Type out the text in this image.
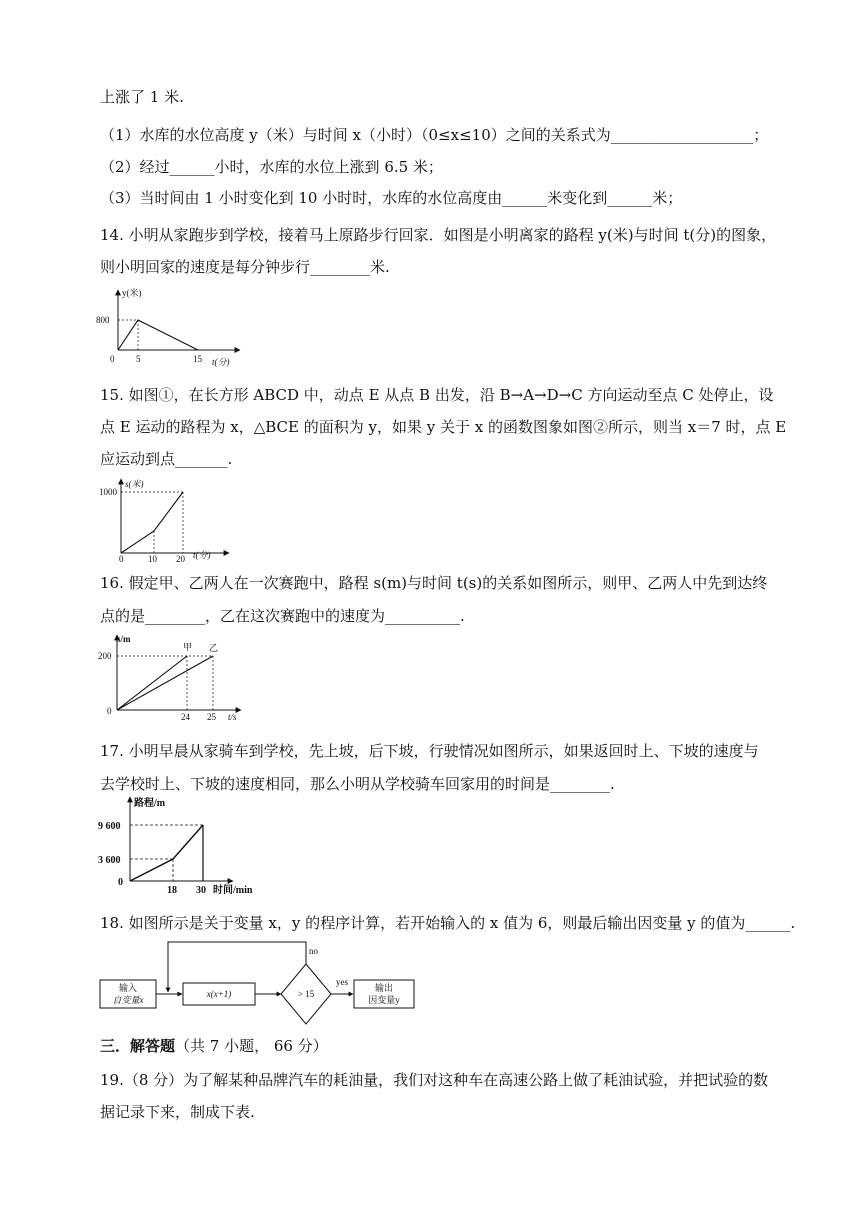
上涨了 1 米.
（1）水库的水位高度 y（米）与时间 x（小时）（0≤x≤10）之间的关系式为___________________；
（2）经过______小时，水库的水位上涨到 6.5 米；
（3）当时间由 1 小时变化到 10 小时时，水库的水位高度由______米变化到______米；
14. 小明从家跑步到学校，接着马上原路步行回家．如图是小明离家的路程 y(米)与时间 t(分)的图象，
则小明回家的速度是每分钟步行________米.
y(米)
t(分)
800
0 5	15
15. 如图①，在长方形 ABCD 中，动点 E 从点 B 出发，沿 B→A→D→C 方向运动至点 C 处停止，设
点 E 运动的路程为 x，△BCE 的面积为 y，如果 y 关于 x 的函数图象如图②所示，则当 x＝7 时，点 E
应运动到点_______.
s(米)
t(分)
1000
0	10 20
16. 假定甲、乙两人在一次赛跑中，路程 s(m)与时间 t(s)的关系如图所示，则甲、乙两人中先到达终
点的是________，乙在这次赛跑中的速度为__________.
s/m
t/s
200
0
24 25
甲 乙
17. 小明早晨从家骑车到学校，先上坡，后下坡，行驶情况如图所示，如果返回时上、下坡的速度与
去学校时上、下坡的速度相同，那么小明从学校骑车回家用的时间是________.
路程/m
时间/min
9 600
3 600
0
18 30
18. 如图所示是关于变量 x，y 的程序计算，若开始输入的 x 值为 6，则最后输出因变量 y 的值为______.
输入
自变量x
x(x+1)	> 15
yes
输出
因变量y
no
三．解答题（共 7 小题， 66 分）
19.（8 分）为了解某种品牌汽车的耗油量，我们对这种车在高速公路上做了耗油试验，并把试验的数
据记录下来，制成下表.
